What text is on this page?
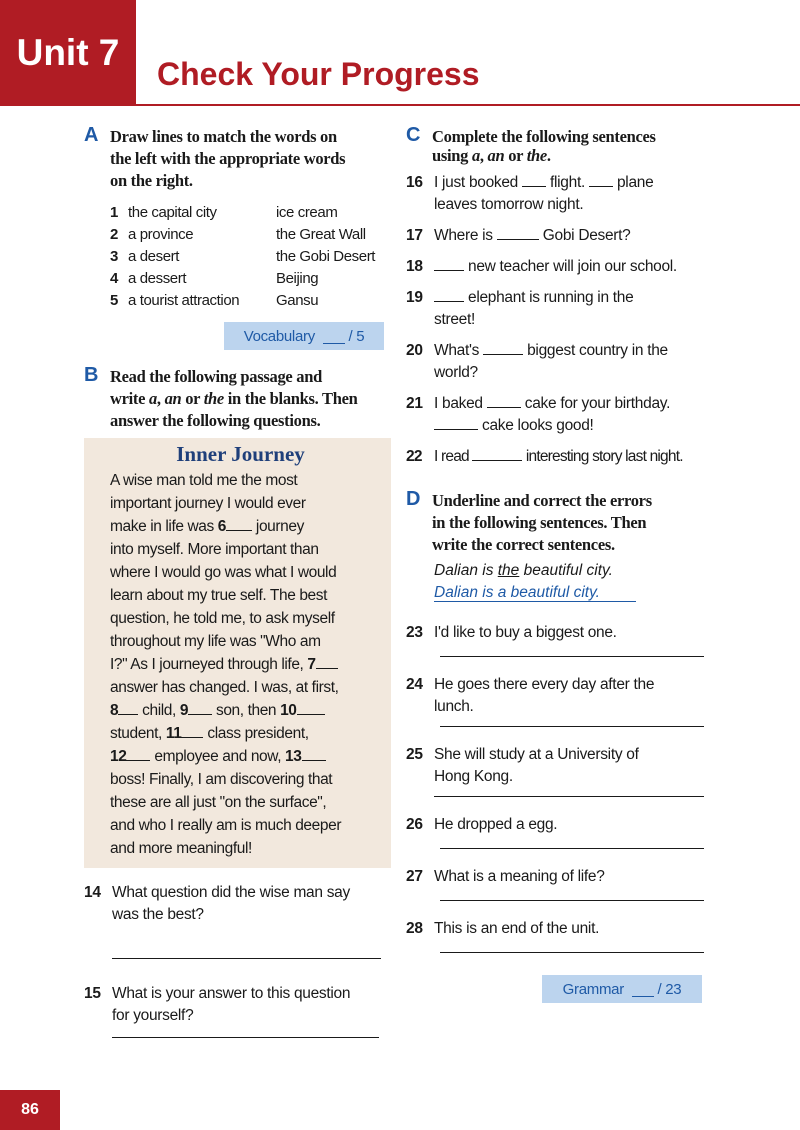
Unit 7
Check Your Progress
A Draw lines to match the words on
the left with the appropriate words
on the right.
1 the capital city	ice cream
2 a province	the Great Wall
3 a desert	the Gobi Desert
4 a dessert	Beijing
5 a tourist attraction	Gansu
Vocabulary

/ 5
B Read the following passage and
write a, an or the in the blanks. Then
answer the following questions.
Inner Journey
A wise man told me the most
important journey I would ever
make in life was 6 journey
into myself. More important than
where I would go was what I would
learn about my true self. The best
question, he told me, to ask myself
throughout my life was "Who am
I?" As I journeyed through life, 7
answer has changed. I was, at first,
8 child, 9 son, then 10
student, 11 class president,
12 employee and now, 13
boss! Finally, I am discovering that
these are all just "on the surface",
and who I really am is much deeper
and more meaningful!
14 What question did the wise man say
was the best?
15 What is your answer to this question
for yourself?
C Complete the following sentences
using a, an or the.
16 I just booked  flight.  plane
leaves tomorrow night.
17 Where is	Gobi Desert?
18	new teacher will join our school.
19	elephant is running in the
street!
20 What's	biggest country in the
world?
21 I baked  cake for your birthday.
cake looks good!
22 I read	interesting story last night.
D Underline and correct the errors
in the following sentences. Then
write the correct sentences.
Dalian is the beautiful city.
Dalian is a beautiful city.
23 I'd like to buy a biggest one.
24 He goes there every day after the
lunch.
25 She will study at a University of
Hong Kong.
26 He dropped a egg.
27 What is a meaning of life?
28 This is an end of the unit.
Grammar

/ 23
86
